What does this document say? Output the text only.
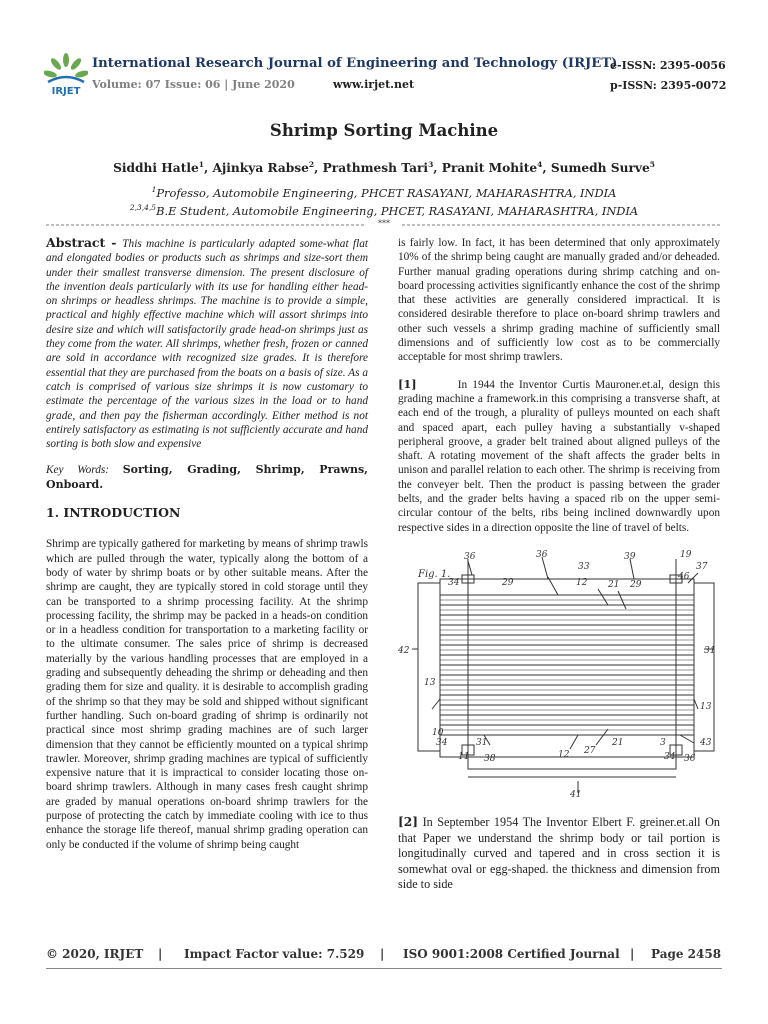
IRJET
International Research Journal of Engineering and Technology (IRJET)
Volume: 07 Issue: 06 | June 2020	www.irjet.net
e-ISSN: 2395-0056
p-ISSN: 2395-0072
Shrimp Sorting Machine
Siddhi Hatle$^1$, Ajinkya Rabse$^2$, Prathmesh Tari$^3$, Pranit Mohite$^4$, Sumedh Surve$^5$
$^1$Professo, Automobile Engineering, PHCET RASAYANI, MAHARASHTRA, INDIA
$^{2,3,4,5}$B.E Student, Automobile Engineering, PHCET, RASAYANI, MAHARASHTRA, INDIA
***

Abstract - This machine is particularly adapted some-what flat and elongated bodies or products such as shrimps and size-sort them under their smallest transverse dimension. The present disclosure of the invention deals particularly with its use for handling either head-on shrimps or headless shrimps. The machine is to provide a simple, practical and highly effective machine which will assort shrimps into desire size and which will satisfactorily grade head-on shrimps just as they come from the water. All shrimps, whether fresh, frozen or canned are sold in accordance with recognized size grades. It is therefore essential that they are purchased from the boats on a basis of size. As a catch is comprised of various size shrimps it is now customary to estimate the percentage of the various sizes in the load or to hand grade, and then pay the fisherman accordingly. Either method is not entirely satisfactory as estimating is not sufficiently accurate and hand sorting is both slow and expensive

Key Words: Sorting, Grading, Shrimp, Prawns, Onboard.

1. INTRODUCTION

Shrimp are typically gathered for marketing by means of shrimp trawls which are pulled through the water, typically along the bottom of a body of water by shrimp boats or by other suitable means. After the shrimp are caught, they are typically stored in cold storage until they can be transported to a shrimp processing facility. At the shrimp processing facility, the shrimp may be packed in a heads-on condition or in a headless condition for transportation to a marketing facility or to the ultimate consumer. The sales price of shrimp is decreased materially by the various handling processes that are employed in a grading and subsequently deheading the shrimp or deheading and then grading them for size and quality. it is desirable to accomplish grading of the shrimp so that they may be sold and shipped without significant further handling. Such on-board grading of shrimp is ordinarily not practical since most shrimp grading machines are of such larger dimension that they cannot be efficiently mounted on a typical shrimp trawler. Moreover, shrimp grading machines are typical of sufficiently expensive nature that it is impractical to consider locating those on-board shrimp trawlers. Although in many cases fresh caught shrimp are graded by manual operations on-board shrimp trawlers for the purpose of protecting the catch by immediate cooling with ice to thus enhance the storage life thereof, manual shrimp grading operation can only be conducted if the volume of shrimp being caught

is fairly low. In fact, it has been determined that only approximately 10% of the shrimp being caught are manually graded and/or deheaded. Further manual grading operations during shrimp catching and on-board processing activities significantly enhance the cost of the shrimp that these activities are generally considered impractical. It is considered desirable therefore to place on-board shrimp trawlers and other such vessels a shrimp grading machine of sufficiently small dimensions and of sufficiently low cost as to be commercially acceptable for most shrimp trawlers.

[1]	In 1944 the Inventor Curtis Mauroner.et.al, design this grading machine a framework.in this comprising a transverse shaft, at each end of the trough, a plurality of pulleys mounted on each shaft and spaced apart, each pulley having a substantially v-shaped peripheral groove, a grader belt trained about aligned pulleys of the shaft. A rotating movement of the shaft affects the grader belts in unison and parallel relation to each other. The shrimp is receiving from the conveyer belt. Then the product is passing between the grader belts, and the grader belts having a spaced rib on the upper semi-circular contour of the belts, ribs being inclined downwardly upon respective sides in a direction opposite the line of travel of belts.

Fig. 1.
36	36
33
39	19
37
34	29	12 21 29
46
42	31
13
13
10
34	31
11 38	12 27
21	3
34 36
43
41

[2] In September 1954 The Inventor Elbert F. greiner.et.all On that Paper we understand the shrimp body or tail portion is longitudinally curved and tapered and in cross section it is somewhat oval or egg-shaped. the thickness and dimension from side to side

© 2020, IRJET | Impact Factor value: 7.529 | ISO 9001:2008 Certified Journal | Page 2458
